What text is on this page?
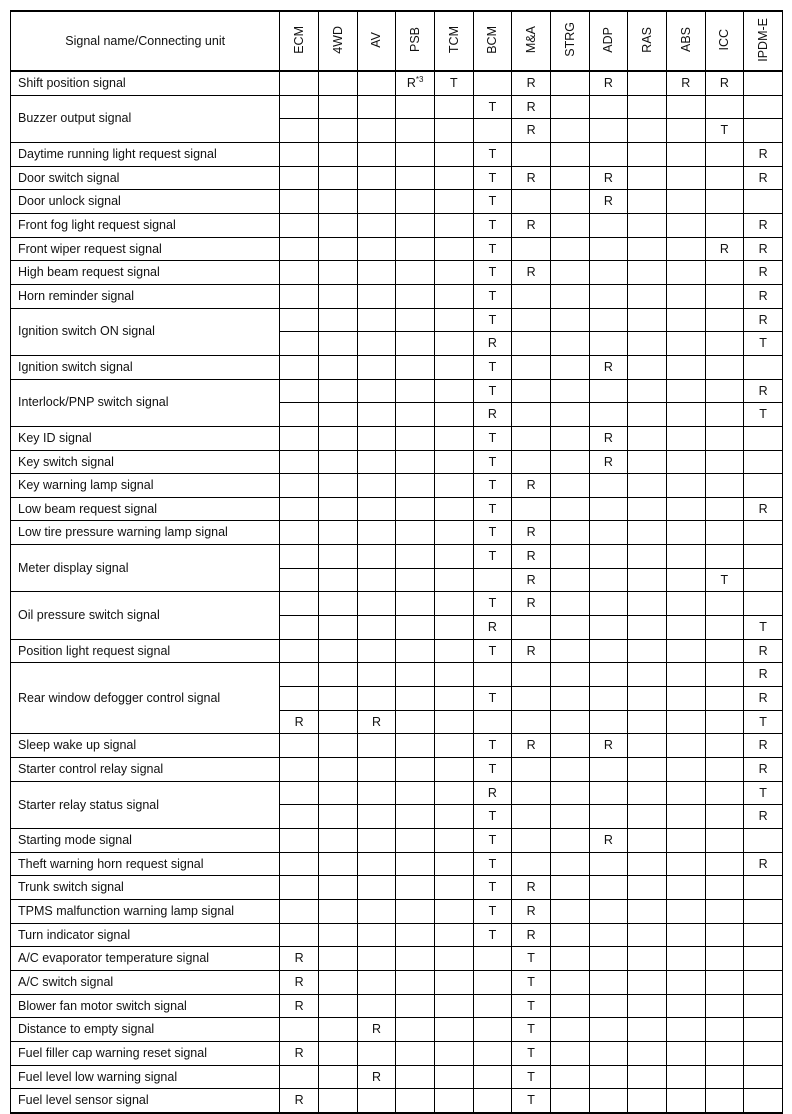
Signal name/Connecting unit	ECM	4WD	AV	PSB	TCM	BCM	M&A	STRG	ADP	RAS	ABS	ICC	IPDM-E
Shift position signal				R$^{*3}$	T		R		R		R	R	
Buzzer output signal						T	R						
							R					T	
Daytime running light request signal						T							R
Door switch signal						T	R		R				R
Door unlock signal						T			R				
Front fog light request signal						T	R						R
Front wiper request signal						T						R	R
High beam request signal						T	R						R
Horn reminder signal						T							R
Ignition switch ON signal						T							R
						R							T
Ignition switch signal						T			R				
Interlock/PNP switch signal						T							R
						R							T
Key ID signal						T			R				
Key switch signal						T			R				
Key warning lamp signal						T	R						
Low beam request signal						T							R
Low tire pressure warning lamp signal						T	R						
Meter display signal						T	R						
							R					T	
Oil pressure switch signal						T	R						
						R							T
Position light request signal						T	R						R
Rear window defogger control signal													R
						T							R
	R		R										T
Sleep wake up signal						T	R		R				R
Starter control relay signal						T							R
Starter relay status signal						R							T
						T							R
Starting mode signal						T			R				
Theft warning horn request signal						T							R
Trunk switch signal						T	R						
TPMS malfunction warning lamp signal						T	R						
Turn indicator signal						T	R						
A/C evaporator temperature signal	R						T						
A/C switch signal	R						T						
Blower fan motor switch signal	R						T						
Distance to empty signal			R				T						
Fuel filler cap warning reset signal	R						T						
Fuel level low warning signal			R				T						
Fuel level sensor signal	R						T						
